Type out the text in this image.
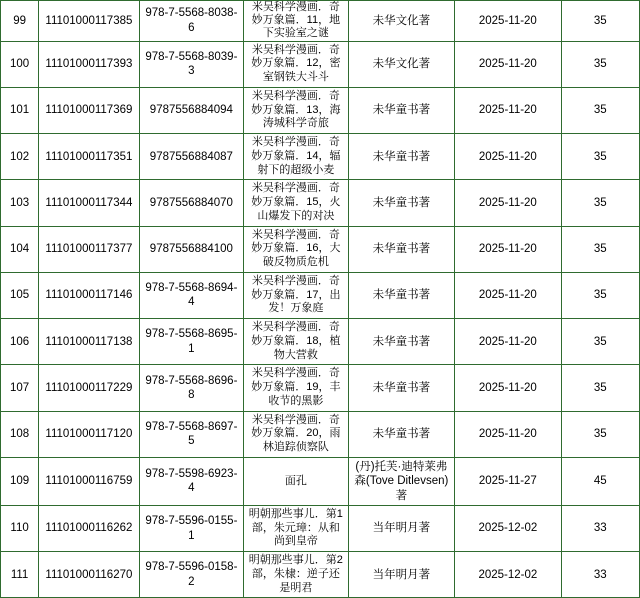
99	11101000117385	978-7-5568-8038-6	米吴科学漫画．奇妙万象篇．11，地下实验室之谜	未华文化著	2025-11-20	35
100	11101000117393	978-7-5568-8039-3	米吴科学漫画．奇妙万象篇．12，密室钢铁大斗斗	未华文化著	2025-11-20	35
101	11101000117369	9787556884094	米吴科学漫画．奇妙万象篇．13，海涛城科学奇旅	未华童书著	2025-11-20	35
102	11101000117351	9787556884087	米吴科学漫画．奇妙万象篇．14，辐射下的超级小麦	未华童书著	2025-11-20	35
103	11101000117344	9787556884070	米吴科学漫画．奇妙万象篇．15，火山爆发下的对决	未华童书著	2025-11-20	35
104	11101000117377	9787556884100	米吴科学漫画．奇妙万象篇．16，大破反物质危机	未华童书著	2025-11-20	35
105	11101000117146	978-7-5568-8694-4	米吴科学漫画．奇妙万象篇．17，出发！万象庭	未华童书著	2025-11-20	35
106	11101000117138	978-7-5568-8695-1	米吴科学漫画．奇妙万象篇．18，植物大营救	未华童书著	2025-11-20	35
107	11101000117229	978-7-5568-8696-8	米吴科学漫画．奇妙万象篇．19，丰收节的黑影	未华童书著	2025-11-20	35
108	11101000117120	978-7-5568-8697-5	米吴科学漫画．奇妙万象篇．20，雨林追踪侦察队	未华童书著	2025-11-20	35
109	11101000116759	978-7-5598-6923-4	面孔	(丹)托芙·迪特莱弗森(Tove Ditlevsen)著	2025-11-27	45
110	11101000116262	978-7-5596-0155-1	明朝那些事儿．第1部，朱元璋：从和尚到皇帝	当年明月著	2025-12-02	33
111	11101000116270	978-7-5596-0158-2	明朝那些事儿．第2部，朱棣：逆子还是明君	当年明月著	2025-12-02	33
